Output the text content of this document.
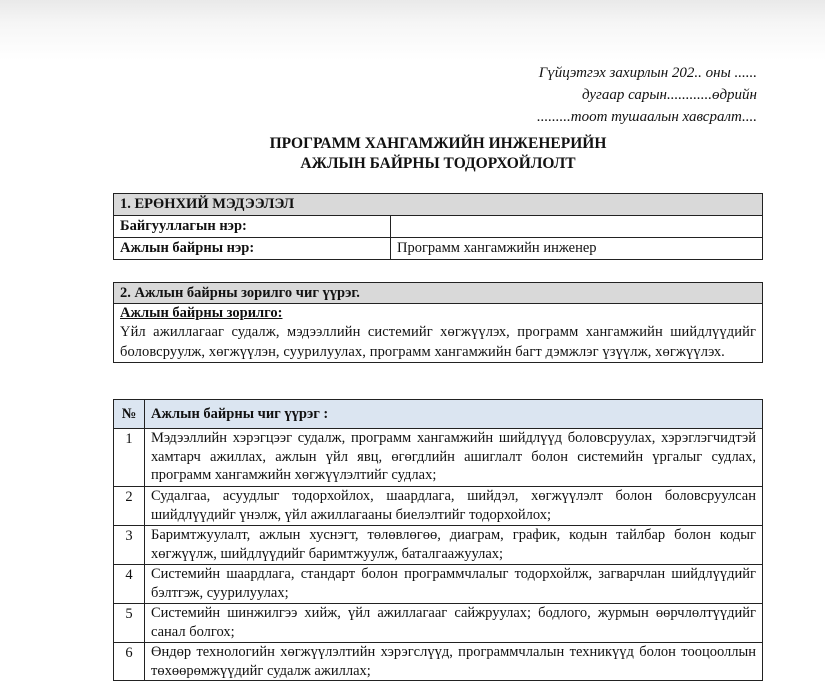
Гүйцэтгэх захирлын 202.. оны ......
дугаар сарын............өдрийн
.........тоот тушаалын хавсралт....
ПРОГРАММ ХАНГАМЖИЙН ИНЖЕНЕРИЙН
АЖЛЫН БАЙРНЫ ТОДОРХОЙЛОЛТ
1. ЕРӨНХИЙ МЭДЭЭЛЭЛ	
Байгууллагын нэр:	
Ажлын байрны нэр:	Программ хангамжийн инженер
2. Ажлын байрны зорилго чиг үүрэг.

Ажлын байрны зорилго:
Үйл ажиллагааг судалж, мэдээллийн системийг хөгжүүлэх, программ хангамжийн шийдлүүдийг боловсруулж, хөгжүүлэн, суурилуулах, программ хангамжийн багт дэмжлэг үзүүлж, хөгжүүлэх.
№	Ажлын байрны чиг үүрэг :
1	Мэдээллийн хэрэгцээг судалж, программ хангамжийн шийдлүүд боловсруулах, хэрэглэгчидтэй хамтарч ажиллах, ажлын үйл явц, өгөгдлийн ашиглалт болон системийн үргалыг судлах, программ хангамжийн хөгжүүлэлтийг судлах;
2	Судалгаа, асуудлыг тодорхойлох, шаардлага, шийдэл, хөгжүүлэлт болон боловсруулсан шийдлүүдийг үнэлж, үйл ажиллагааны биелэлтийг тодорхойлох;
3	Баримтжуулалт, ажлын хуснэгт, төлөвлөгөө, диаграм, график, кодын тайлбар болон кодыг хөгжүүлж, шийдлүүдийг баримтжуулж, баталгаажуулах;
4	Системийн шаардлага, стандарт болон программчлалыг тодорхойлж, загварчлан шийдлүүдийг бэлтгэж, суурилуулах;
5	Системийн шинжилгээ хийж, үйл ажиллагааг сайжруулах; бодлого, журмын өөрчлөлтүүдийг санал болгох;
6	Өндөр технологийн хөгжүүлэлтийн хэрэгслүүд, программчлалын техникүүд болон тооцооллын төхөөрөмжүүдийг судалж ажиллах;
